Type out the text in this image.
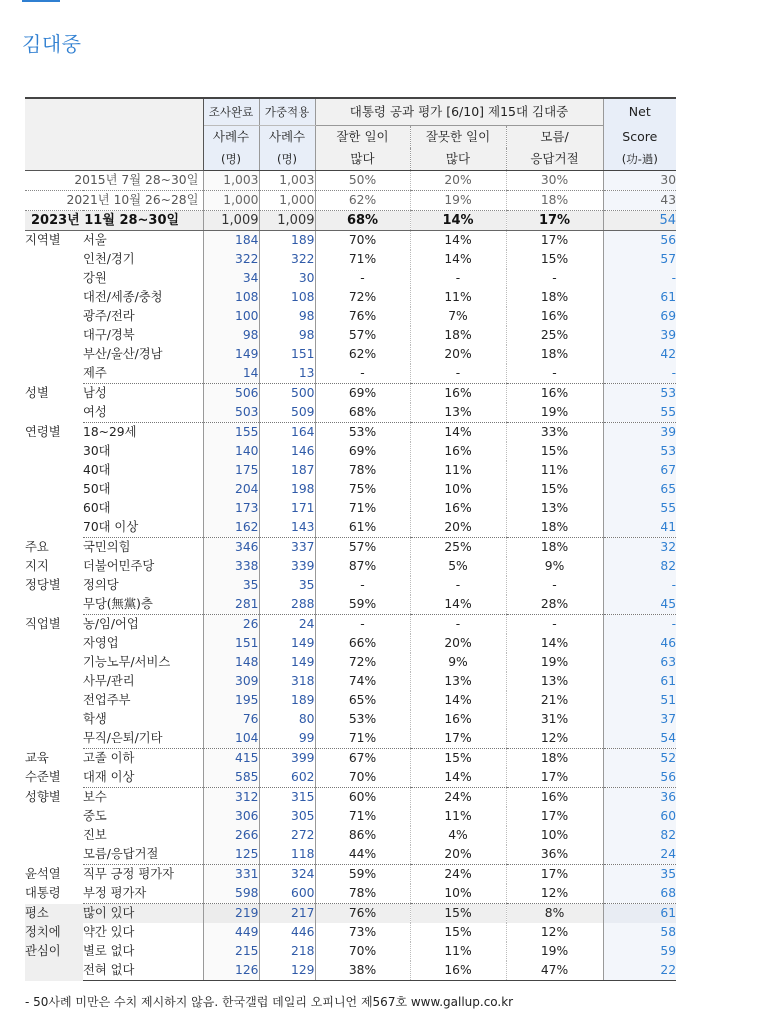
김대중
		조사완료	가중적용	대통령 공과 평가 [6/10] 제15대 김대중			Net
		사례수	사례수	잘한 일이	잘못한 일이	모름/	Score
		(명)	(명)	많다	많다	응답거절	(功-過)
2015년 7월 28~30일		1,003	1,003	50%	20%	30%	30
2021년 10월 26~28일		1,000	1,000	62%	19%	18%	43
2023년 11월 28~30일		1,009	1,009	68%	14%	17%	54

지역별	서울	184	189	70%	14%	17%	56
	인천/경기	322	322	71%	14%	15%	57
	강원	34	30	-	-	-	-
	대전/세종/충청	108	108	72%	11%	18%	61
	광주/전라	100	98	76%	7%	16%	69
	대구/경북	98	98	57%	18%	25%	39
	부산/울산/경남	149	151	62%	20%	18%	42
	제주	14	13	-	-	-	-

성별	남성	506	500	69%	16%	16%	53
	여성	503	509	68%	13%	19%	55

연령별	18~29세	155	164	53%	14%	33%	39
	30대	140	146	69%	16%	15%	53
	40대	175	187	78%	11%	11%	67
	50대	204	198	75%	10%	15%	65
	60대	173	171	71%	16%	13%	55
	70대 이상	162	143	61%	20%	18%	41

주요
지지
정당별	국민의힘	346	337	57%	25%	18%	32
	더불어민주당	338	339	87%	5%	9%	82
	정의당	35	35	-	-	-	-
	무당(無黨)층	281	288	59%	14%	28%	45

직업별	농/임/어업	26	24	-	-	-	-
	자영업	151	149	66%	20%	14%	46
	기능노무/서비스	148	149	72%	9%	19%	63
	사무/관리	309	318	74%	13%	13%	61
	전업주부	195	189	65%	14%	21%	51
	학생	76	80	53%	16%	31%	37
	무직/은퇴/기타	104	99	71%	17%	12%	54

교육
수준별	고졸 이하	415	399	67%	15%	18%	52
	대재 이상	585	602	70%	14%	17%	56

성향별	보수	312	315	60%	24%	16%	36
	중도	306	305	71%	11%	17%	60
	진보	266	272	86%	4%	10%	82
	모름/응답거절	125	118	44%	20%	36%	24

윤석열
대통령	직무 긍정 평가자	331	324	59%	24%	17%	35
	부정 평가자	598	600	78%	10%	12%	68

평소
정치에
관심이	많이 있다	219	217	76%	15%	8%	61
	약간 있다	449	446	73%	15%	12%	58
	별로 없다	215	218	70%	11%	19%	59
	전혀 없다	126	129	38%	16%	47%	22
- 50사례 미만은 수치 제시하지 않음. 한국갤럽 데일리 오피니언 제567호 www.gallup.co.kr
